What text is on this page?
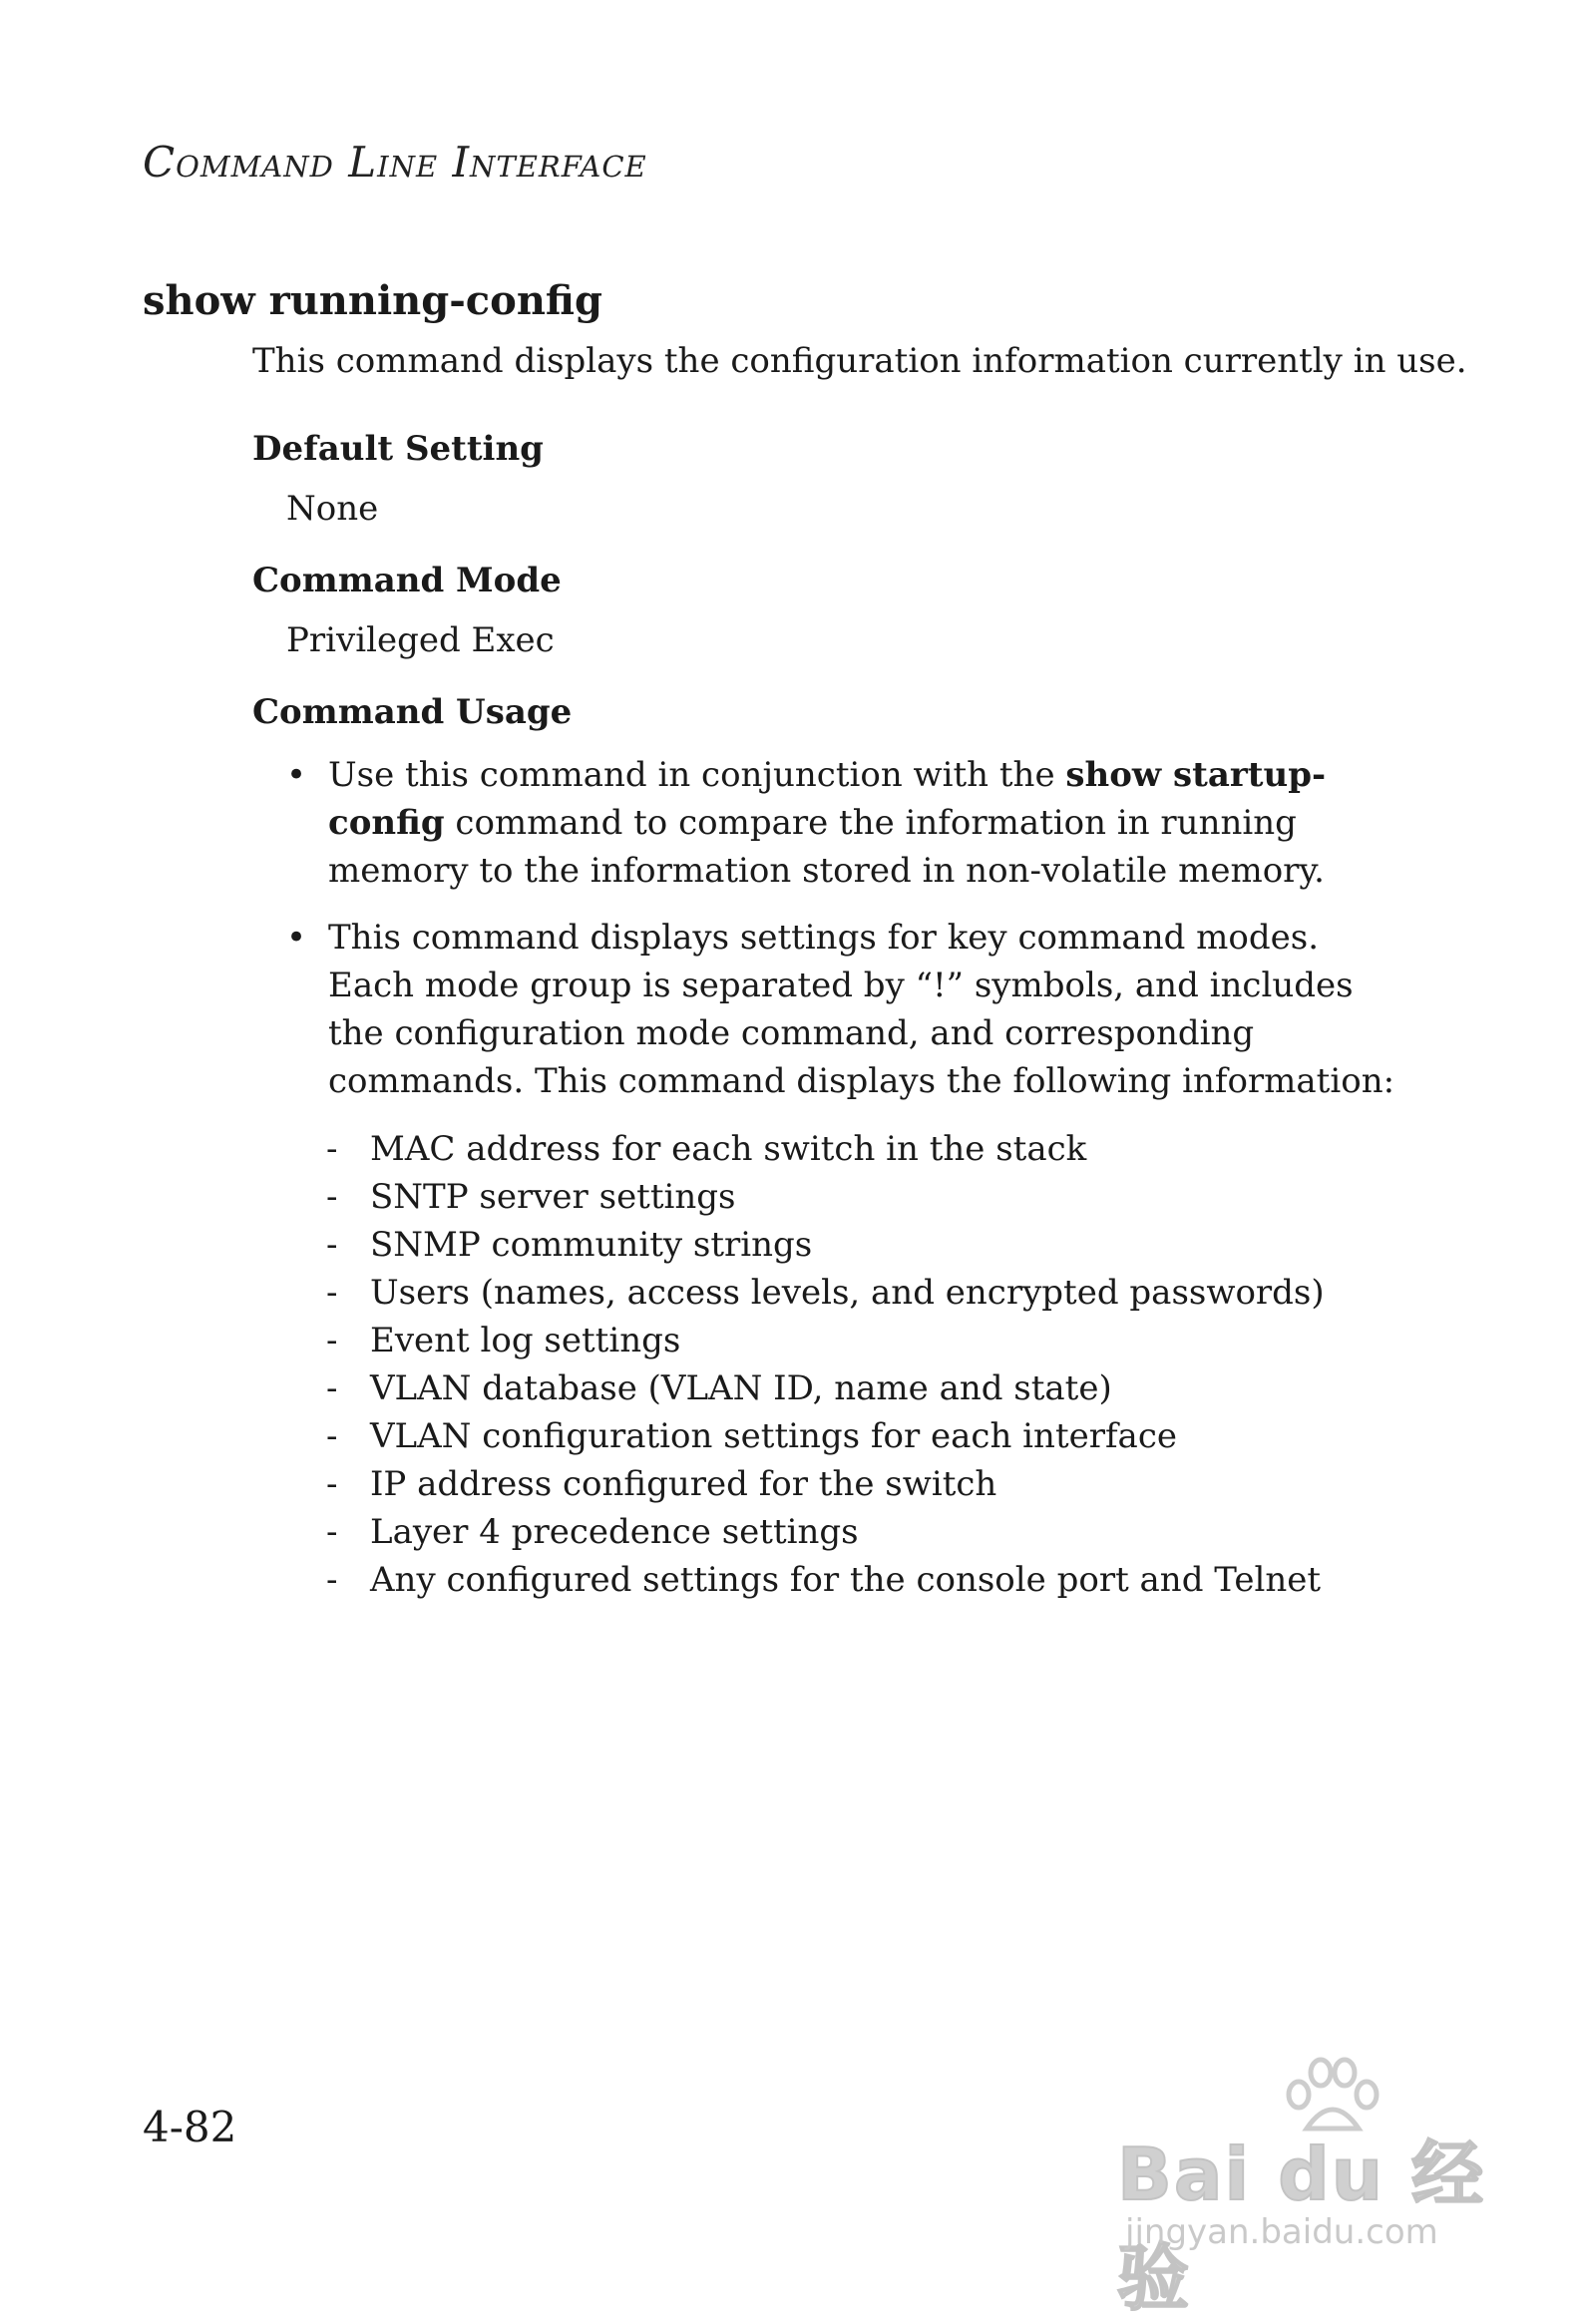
Command Line Interface
show running-config

This command displays the configuration information currently in use.

Default Setting

None

Command Mode

Privileged Exec

Command Usage
• Use this command in conjunction with the show startup-config command to compare the information in running memory to the information stored in non-volatile memory.
• This command displays settings for key command modes. Each mode group is separated by “!” symbols, and includes the configuration mode command, and corresponding commands. This command displays the following information:
- MAC address for each switch in the stack
- SNTP server settings
- SNMP community strings
- Users (names, access levels, and encrypted passwords)
- Event log settings
- VLAN database (VLAN ID, name and state)
- VLAN configuration settings for each interface
- IP address configured for the switch
- Layer 4 precedence settings
- Any configured settings for the console port and Telnet
4-82
Bai du 经验
jingyan.baidu.com
